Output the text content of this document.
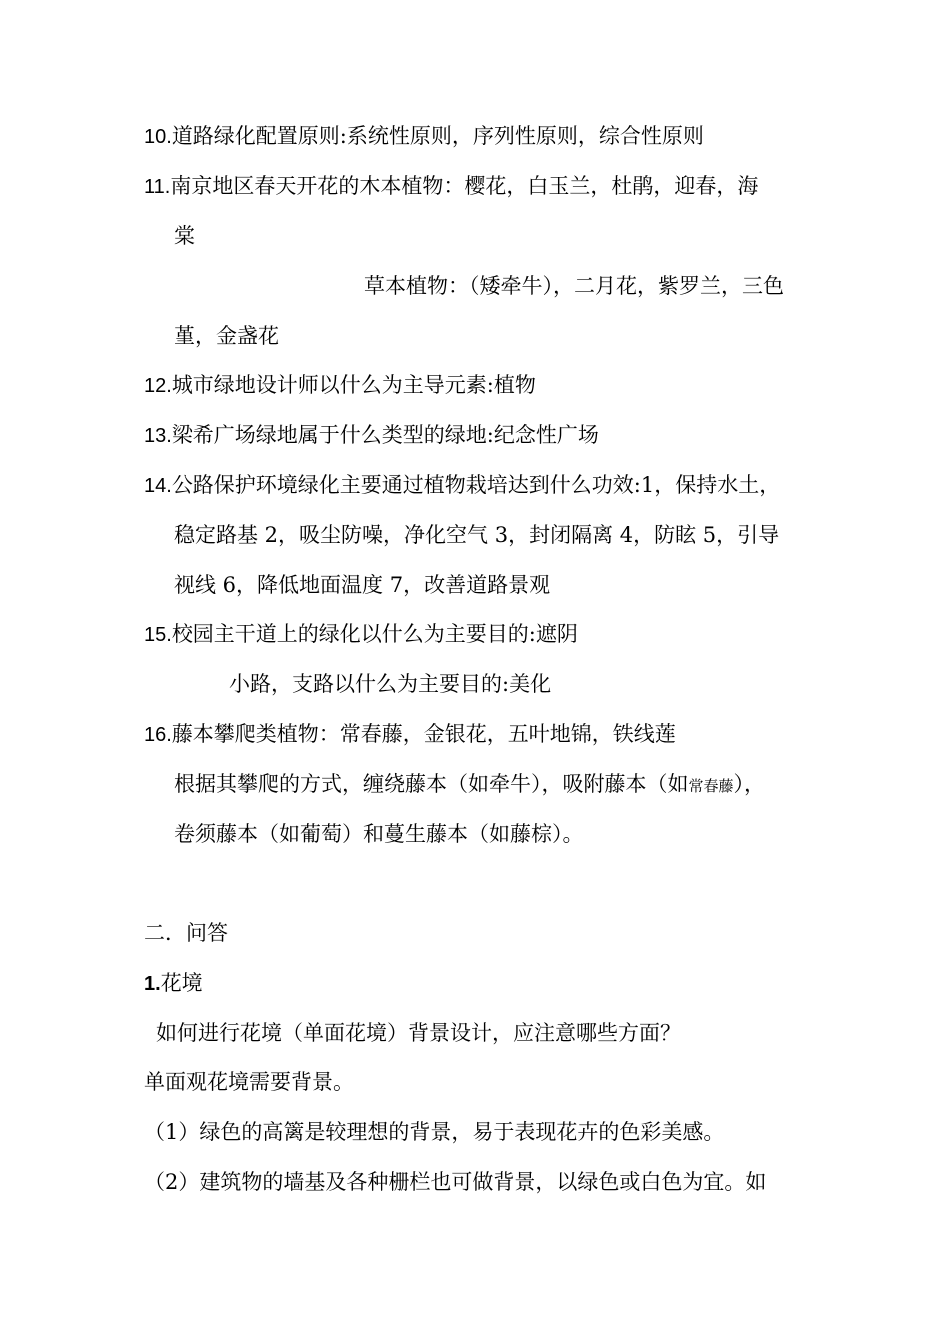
10.道路绿化配置原则:系统性原则，序列性原则，综合性原则
11.南京地区春天开花的木本植物：樱花，白玉兰，杜鹃，迎春，海
棠
草本植物：（矮牵牛），二月花，紫罗兰，三色
堇，金盏花
12.城市绿地设计师以什么为主导元素:植物
13.梁希广场绿地属于什么类型的绿地:纪念性广场
14.公路保护环境绿化主要通过植物栽培达到什么功效:1，保持水土，
稳定路基 2，吸尘防噪，净化空气 3，封闭隔离 4，防眩 5，引导
视线 6，降低地面温度 7，改善道路景观
15.校园主干道上的绿化以什么为主要目的:遮阴
小路，支路以什么为主要目的:美化
16.藤本攀爬类植物：常春藤，金银花，五叶地锦，铁线莲
根据其攀爬的方式，缠绕藤本（如牵牛），吸附藤本（如常春藤），
卷须藤本（如葡萄）和蔓生藤本（如藤棕）。
二．问答
1.花境
如何进行花境（单面花境）背景设计，应注意哪些方面？
单面观花境需要背景。
（1）绿色的高篱是较理想的背景，易于表现花卉的色彩美感。
（2）建筑物的墙基及各种栅栏也可做背景，以绿色或白色为宜。如
